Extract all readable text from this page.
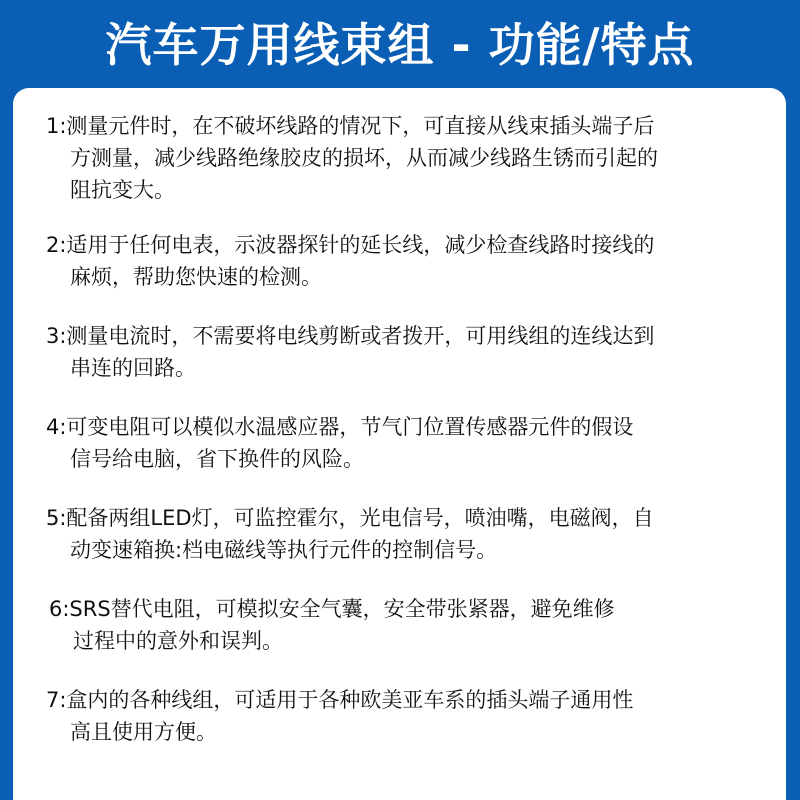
汽车万用线束组 - 功能/特点
1:测量元件时，在不破坏线路的情况下，可直接从线束插头端子后
方测量，减少线路绝缘胶皮的损坏，从而减少线路生锈而引起的
阻抗变大。
2:适用于任何电表，示波器探针的延长线，减少检查线路时接线的
麻烦，帮助您快速的检测。
3:测量电流时，不需要将电线剪断或者拨开，可用线组的连线达到
串连的回路。
4:可变电阻可以模似水温感应器，节气门位置传感器元件的假设
信号给电脑，省下换件的风险。
5:配备两组LED灯，可监控霍尔，光电信号，喷油嘴，电磁阀，自
动变速箱换:档电磁线等执行元件的控制信号。
6:SRS替代电阻，可模拟安全气囊，安全带张紧器，避免维修
过程中的意外和误判。
7:盒内的各种线组，可适用于各种欧美亚车系的插头端子通用性
高且使用方便。
